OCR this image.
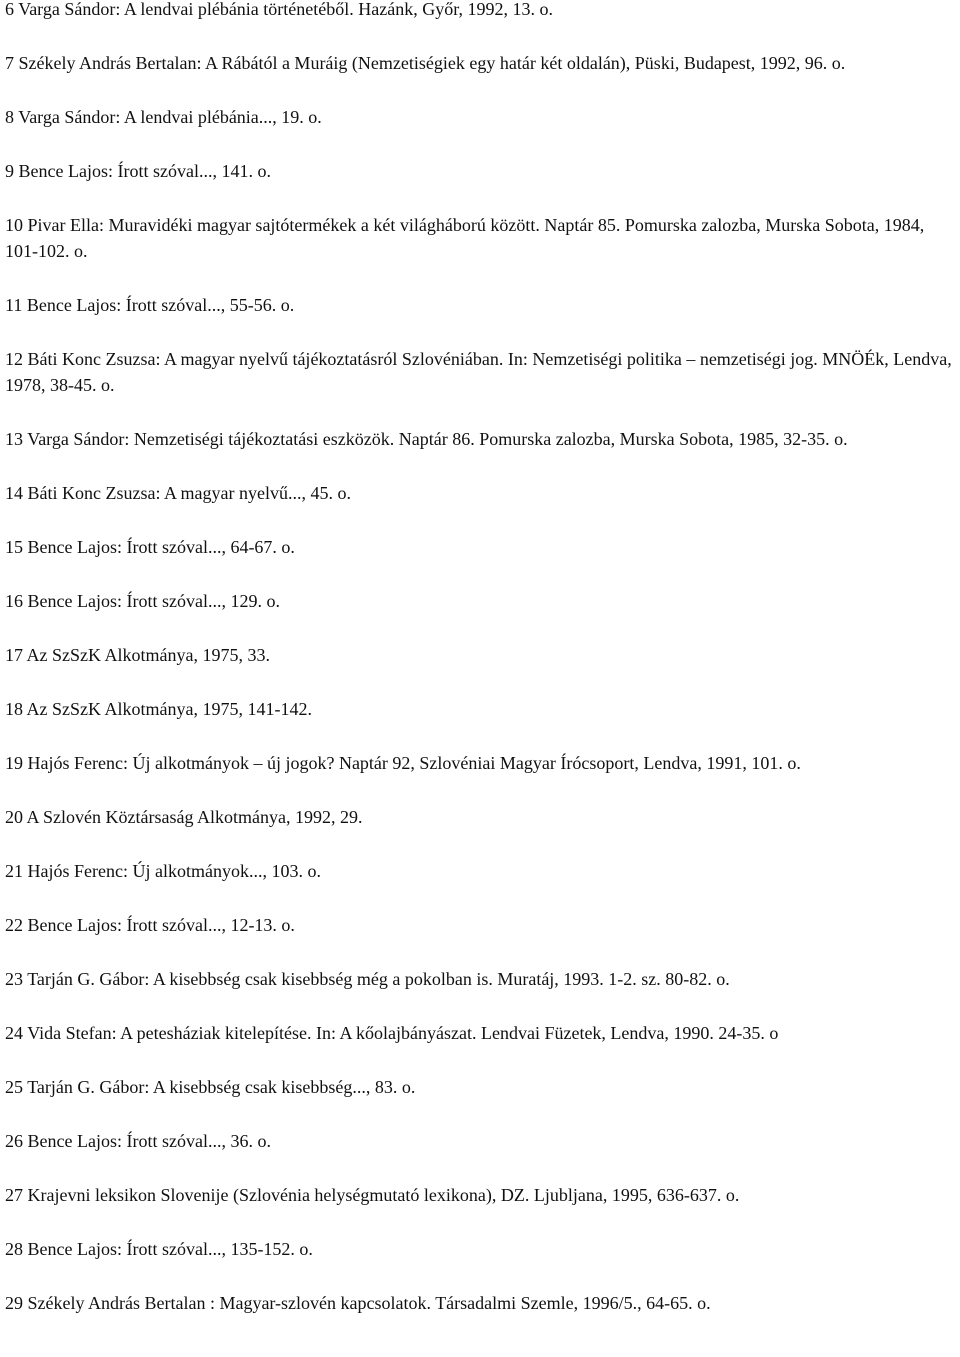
6 Varga Sándor: A lendvai plébánia történetéből. Hazánk, Győr, 1992, 13. o.

7 Székely András Bertalan: A Rábától a Muráig (Nemzetiségiek egy határ két oldalán), Püski, Budapest, 1992, 96. o.

8 Varga Sándor: A lendvai plébánia..., 19. o.

9 Bence Lajos: Írott szóval..., 141. o.

10 Pivar Ella: Muravidéki magyar sajtótermékek a két világháború között. Naptár 85. Pomurska zalozba, Murska Sobota, 1984, 101-102. o.

11 Bence Lajos: Írott szóval..., 55-56. o.

12 Báti Konc Zsuzsa: A magyar nyelvű tájékoztatásról Szlovéniában. In: Nemzetiségi politika – nemzetiségi jog. MNÖÉk, Lendva, 1978, 38-45. o.

13 Varga Sándor: Nemzetiségi tájékoztatási eszközök. Naptár 86. Pomurska zalozba, Murska Sobota, 1985, 32-35. o.

14 Báti Konc Zsuzsa: A magyar nyelvű..., 45. o.

15 Bence Lajos: Írott szóval..., 64-67. o.

16 Bence Lajos: Írott szóval..., 129. o.

17 Az SzSzK Alkotmánya, 1975, 33.

18 Az SzSzK Alkotmánya, 1975, 141-142.

19 Hajós Ferenc: Új alkotmányok – új jogok? Naptár 92, Szlovéniai Magyar Írócsoport, Lendva, 1991, 101. o.

20 A Szlovén Köztársaság Alkotmánya, 1992, 29.

21 Hajós Ferenc: Új alkotmányok..., 103. o.

22 Bence Lajos: Írott szóval..., 12-13. o.

23 Tarján G. Gábor: A kisebbség csak kisebbség még a pokolban is. Muratáj, 1993. 1-2. sz. 80-82. o.

24 Vida Stefan: A petesháziak kitelepítése. In: A kőolajbányászat. Lendvai Füzetek, Lendva, 1990. 24-35. o

25 Tarján G. Gábor: A kisebbség csak kisebbség..., 83. o.

26 Bence Lajos: Írott szóval..., 36. o.

27 Krajevni leksikon Slovenije (Szlovénia helységmutató lexikona), DZ. Ljubljana, 1995, 636-637. o.

28 Bence Lajos: Írott szóval..., 135-152. o.

29 Székely András Bertalan : Magyar-szlovén kapcsolatok. Társadalmi Szemle, 1996/5., 64-65. o.
